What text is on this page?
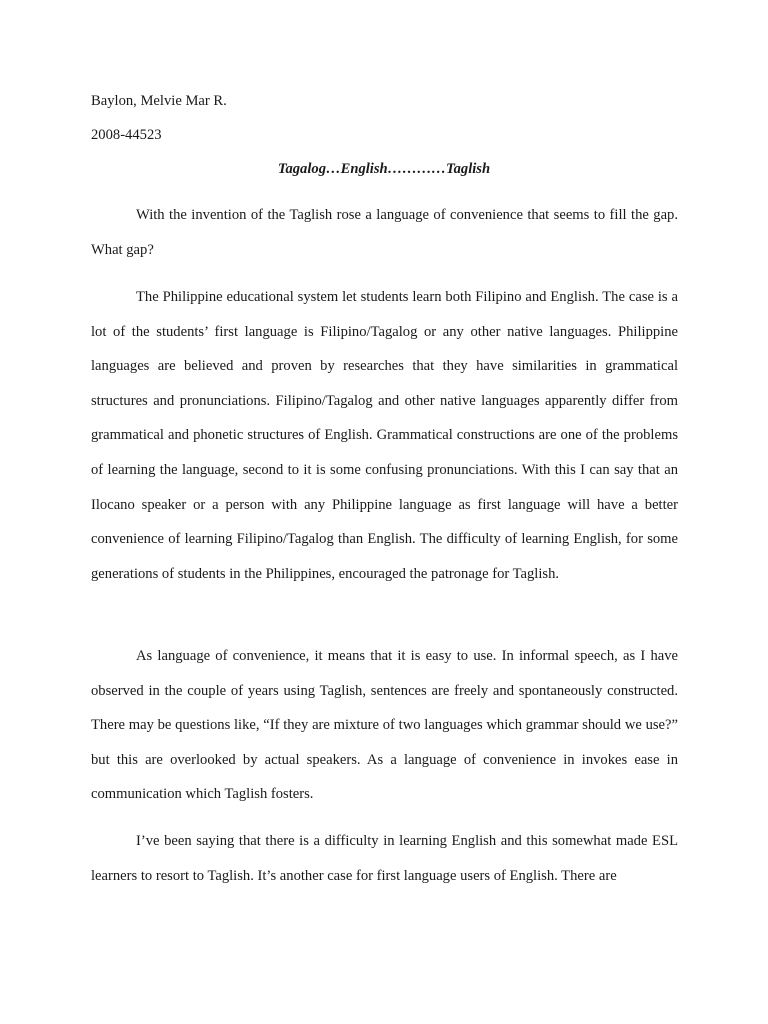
Baylon, Melvie Mar R.
2008-44523
Tagalog…English…………Taglish

With the invention of the Taglish rose a language of convenience that seems to fill the gap. What gap?

The Philippine educational system let students learn both Filipino and English. The case is a lot of the students’ first language is Filipino/Tagalog or any other native languages. Philippine languages are believed and proven by researches that they have similarities in grammatical structures and pronunciations. Filipino/Tagalog and other native languages apparently differ from grammatical and phonetic structures of English. Grammatical constructions are one of the problems of learning the language, second to it is some confusing pronunciations. With this I can say that an Ilocano speaker or a person with any Philippine language as first language will have a better convenience of learning Filipino/Tagalog than English. The difficulty of learning English, for some generations of students in the Philippines, encouraged the patronage for Taglish.

As language of convenience, it means that it is easy to use. In informal speech, as I have observed in the couple of years using Taglish, sentences are freely and spontaneously constructed. There may be questions like, “If they are mixture of two languages which grammar should we use?” but this are overlooked by actual speakers. As a language of convenience in invokes ease in communication which Taglish fosters.

I’ve been saying that there is a difficulty in learning English and this somewhat made ESL learners to resort to Taglish. It’s another case for first language users of English. There are
